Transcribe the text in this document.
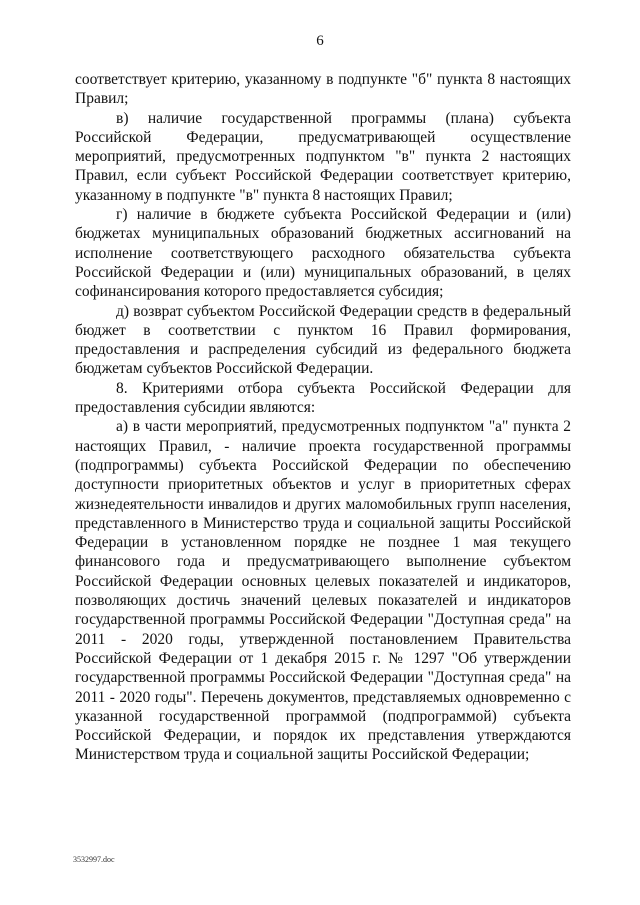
6

соответствует критерию, указанному в подпункте "б" пункта 8 настоящих Правил;

в) наличие государственной программы (плана) субъекта Российской Федерации, предусматривающей осуществление мероприятий, предусмотренных подпунктом "в" пункта 2 настоящих Правил, если субъект Российской Федерации соответствует критерию, указанному в подпункте "в" пункта 8 настоящих Правил;

г) наличие в бюджете субъекта Российской Федерации и (или) бюджетах муниципальных образований бюджетных ассигнований на исполнение соответствующего расходного обязательства субъекта Российской Федерации и (или) муниципальных образований, в целях софинансирования которого предоставляется субсидия;

д) возврат субъектом Российской Федерации средств в федеральный бюджет в соответствии с пунктом 16 Правил формирования, предоставления и распределения субсидий из федерального бюджета бюджетам субъектов Российской Федерации.

8. Критериями отбора субъекта Российской Федерации для предоставления субсидии являются:

а) в части мероприятий, предусмотренных подпунктом "а" пункта 2 настоящих Правил, - наличие проекта государственной программы (подпрограммы) субъекта Российской Федерации по обеспечению доступности приоритетных объектов и услуг в приоритетных сферах жизнедеятельности инвалидов и других маломобильных групп населения, представленного в Министерство труда и социальной защиты Российской Федерации в установленном порядке не позднее 1 мая текущего финансового года и предусматривающего выполнение субъектом Российской Федерации основных целевых показателей и индикаторов, позволяющих достичь значений целевых показателей и индикаторов государственной программы Российской Федерации "Доступная среда" на 2011 - 2020 годы, утвержденной постановлением Правительства Российской Федерации от 1 декабря 2015 г. № 1297 "Об утверждении государственной программы Российской Федерации "Доступная среда" на 2011 - 2020 годы". Перечень документов, представляемых одновременно с указанной государственной программой (подпрограммой) субъекта Российской Федерации, и порядок их представления утверждаются Министерством труда и социальной защиты Российской Федерации;

3532997.doc
